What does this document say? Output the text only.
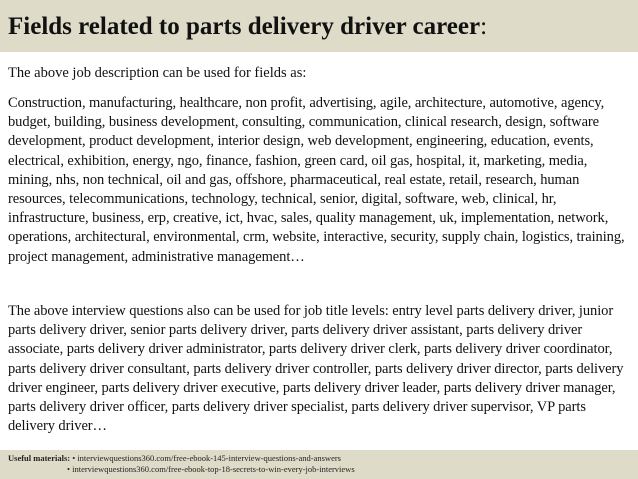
Fields related to parts delivery driver career:

The above job description can be used for fields as:

Construction, manufacturing, healthcare, non profit, advertising, agile, architecture, automotive, agency, budget, building, business development, consulting, communication, clinical research, design, software development, product development, interior design, web development, engineering, education, events, electrical, exhibition, energy, ngo, finance, fashion, green card, oil gas, hospital, it, marketing, media, mining, nhs, non technical, oil and gas, offshore, pharmaceutical, real estate, retail, research, human resources, telecommunications, technology, technical, senior, digital, software, web, clinical, hr, infrastructure, business, erp, creative, ict, hvac, sales, quality management, uk, implementation, network, operations, architectural, environmental, crm, website, interactive, security, supply chain, logistics, training, project management, administrative management…

The above interview questions also can be used for job title levels: entry level parts delivery driver, junior parts delivery driver, senior parts delivery driver, parts delivery driver assistant, parts delivery driver associate, parts delivery driver administrator, parts delivery driver clerk, parts delivery driver coordinator, parts delivery driver consultant, parts delivery driver controller, parts delivery driver director, parts delivery driver engineer, parts delivery driver executive, parts delivery driver leader, parts delivery driver manager, parts delivery driver officer, parts delivery driver specialist, parts delivery driver supervisor, VP parts delivery driver…

Useful materials: • interviewquestions360.com/free-ebook-145-interview-questions-and-answers
• interviewquestions360.com/free-ebook-top-18-secrets-to-win-every-job-interviews
